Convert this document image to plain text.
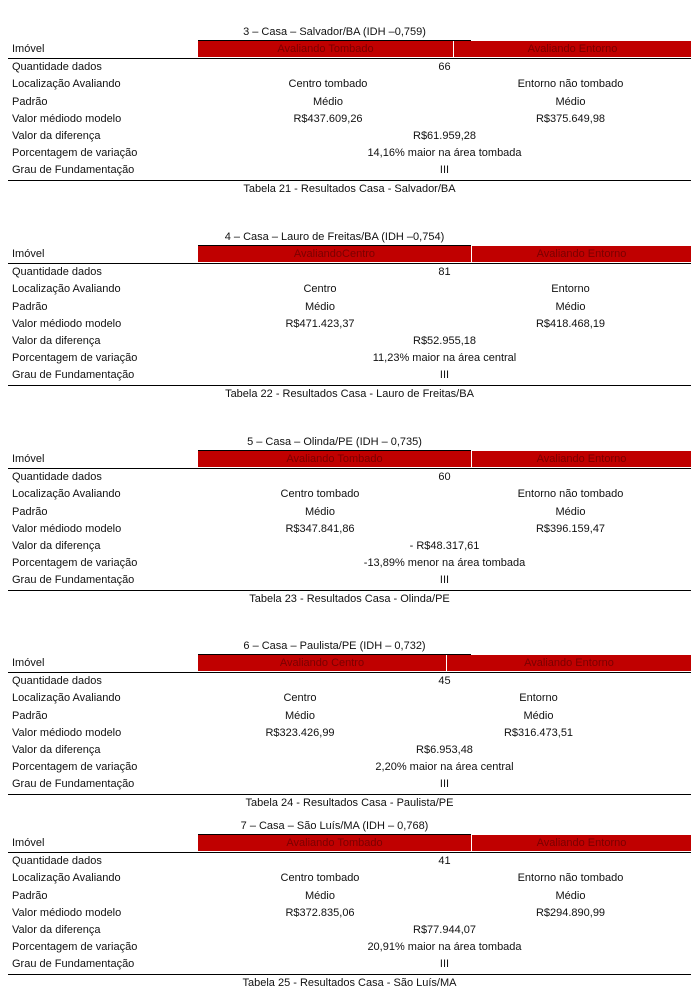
3 – Casa – Salvador/BA (IDH –0,759)
Imóvel	Avaliando Tombado	Avaliando Entorno
Quantidade dados	66
Localização Avaliando	Centro tombado	Entorno não tombado
Padrão	Médio	Médio
Valor médiodo modelo	R$437.609,26	R$375.649,98
Valor da diferença	R$61.959,28
Porcentagem de variação	14,16% maior na área tombada
Grau de Fundamentação	III
Tabela 21 - Resultados Casa - Salvador/BA
4 – Casa – Lauro de Freitas/BA (IDH –0,754)
Imóvel	AvaliandoCentro	Avaliando Entorno
Quantidade dados	81
Localização Avaliando	Centro	Entorno
Padrão	Médio	Médio
Valor médiodo modelo	R$471.423,37	R$418.468,19
Valor da diferença	R$52.955,18
Porcentagem de variação	11,23% maior na área central
Grau de Fundamentação	III
Tabela 22 - Resultados Casa - Lauro de Freitas/BA
5 – Casa – Olinda/PE (IDH – 0,735)
Imóvel	Avaliando Tombado	Avaliando Entorno
Quantidade dados	60
Localização Avaliando	Centro tombado	Entorno não tombado
Padrão	Médio	Médio
Valor médiodo modelo	R$347.841,86	R$396.159,47
Valor da diferença	- R$48.317,61
Porcentagem de variação	-13,89% menor na área tombada
Grau de Fundamentação	III
Tabela 23 - Resultados Casa - Olinda/PE
6 – Casa – Paulista/PE (IDH – 0,732)
Imóvel	Avaliando Centro	Avaliando Entorno
Quantidade dados	45
Localização Avaliando	Centro	Entorno
Padrão	Médio	Médio
Valor médiodo modelo	R$323.426,99	R$316.473,51
Valor da diferença	R$6.953,48
Porcentagem de variação	2,20% maior na área central
Grau de Fundamentação	III
Tabela 24 - Resultados Casa - Paulista/PE
7 – Casa – São Luís/MA (IDH – 0,768)
Imóvel	Avaliando Tombado	Avaliando Entorno
Quantidade dados	41
Localização Avaliando	Centro tombado	Entorno não tombado
Padrão	Médio	Médio
Valor médiodo modelo	R$372.835,06	R$294.890,99
Valor da diferença	R$77.944,07
Porcentagem de variação	20,91% maior na área tombada
Grau de Fundamentação	III
Tabela 25 - Resultados Casa - São Luís/MA
